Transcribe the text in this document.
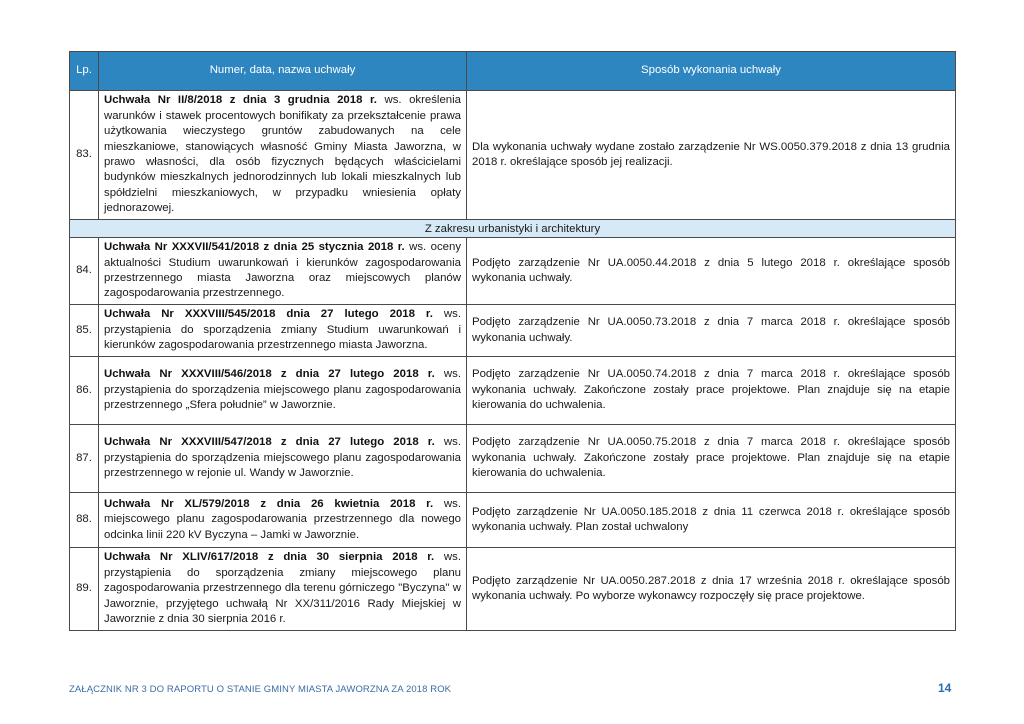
Lp.	Numer, data, nazwa uchwały	Sposób wykonania uchwały
83.	Uchwała Nr II/8/2018 z dnia 3 grudnia 2018 r. ws. określenia warunków i stawek procentowych bonifikaty za przekształcenie prawa użytkowania wieczystego gruntów zabudowanych na cele mieszkaniowe, stanowiących własność Gminy Miasta Jaworzna, w prawo własności, dla osób fizycznych będących właścicielami budynków mieszkalnych jednorodzinnych lub lokali mieszkalnych lub spółdzielni mieszkaniowych, w przypadku wniesienia opłaty jednorazowej.	Dla wykonania uchwały wydane zostało zarządzenie Nr WS.0050.379.2018 z dnia 13 grudnia 2018 r. określające sposób jej realizacji.
Z zakresu urbanistyki i architektury		
84.	Uchwała Nr XXXVII/541/2018 z dnia 25 stycznia 2018 r. ws. oceny aktualności Studium uwarunkowań i kierunków zagospodarowania przestrzennego miasta Jaworzna oraz miejscowych planów zagospodarowania przestrzennego.	Podjęto zarządzenie Nr UA.0050.44.2018 z dnia 5 lutego 2018 r. określające sposób wykonania uchwały.
85.	Uchwała Nr XXXVIII/545/2018 dnia 27 lutego 2018 r. ws. przystąpienia do sporządzenia zmiany Studium uwarunkowań i kierunków zagospodarowania przestrzennego miasta Jaworzna.	Podjęto zarządzenie Nr UA.0050.73.2018 z dnia 7 marca 2018 r. określające sposób wykonania uchwały.
86.	Uchwała Nr XXXVIII/546/2018 z dnia 27 lutego 2018 r. ws. przystąpienia do sporządzenia miejscowego planu zagospodarowania przestrzennego „Sfera południe” w Jaworznie.	Podjęto zarządzenie Nr UA.0050.74.2018 z dnia 7 marca 2018 r. określające sposób wykonania uchwały. Zakończone zostały prace projektowe. Plan znajduje się na etapie kierowania do uchwalenia.
87.	Uchwała Nr XXXVIII/547/2018 z dnia 27 lutego 2018 r. ws. przystąpienia do sporządzenia miejscowego planu zagospodarowania przestrzennego w rejonie ul. Wandy w Jaworznie.	Podjęto zarządzenie Nr UA.0050.75.2018 z dnia 7 marca 2018 r. określające sposób wykonania uchwały. Zakończone zostały prace projektowe. Plan znajduje się na etapie kierowania do uchwalenia.
88.	Uchwała Nr XL/579/2018 z dnia 26 kwietnia 2018 r. ws. miejscowego planu zagospodarowania przestrzennego dla nowego odcinka linii 220 kV Byczyna – Jamki w Jaworznie.	Podjęto zarządzenie Nr UA.0050.185.2018 z dnia 11 czerwca 2018 r. określające sposób wykonania uchwały. Plan został uchwalony
89.	Uchwała Nr XLIV/617/2018 z dnia 30 sierpnia 2018 r. ws. przystąpienia do sporządzenia zmiany miejscowego planu zagospodarowania przestrzennego dla terenu górniczego "Byczyna" w Jaworznie, przyjętego uchwałą Nr XX/311/2016 Rady Miejskiej w Jaworznie z dnia 30 sierpnia 2016 r.	Podjęto zarządzenie Nr UA.0050.287.2018 z dnia 17 września 2018 r. określające sposób wykonania uchwały. Po wyborze wykonawcy rozpoczęły się prace projektowe.
ZAŁĄCZNIK NR 3 DO RAPORTU O STANIE GMINY MIASTA JAWORZNA ZA 2018 ROK	14
